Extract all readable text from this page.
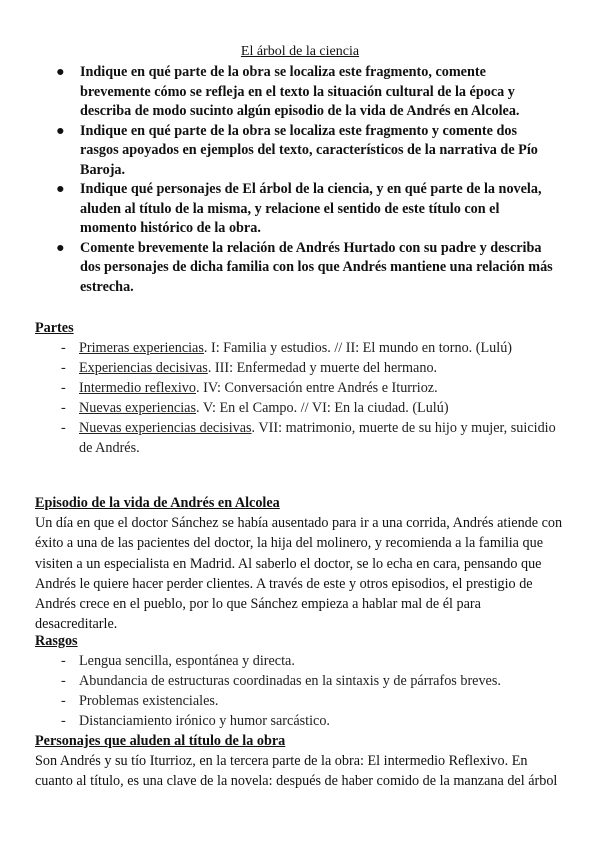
El árbol de la ciencia
● Indique en qué parte de la obra se localiza este fragmento, comente brevemente cómo se refleja en el texto la situación cultural de la época y describa de modo sucinto algún episodio de la vida de Andrés en Alcolea.
● Indique en qué parte de la obra se localiza este fragmento y comente dos rasgos apoyados en ejemplos del texto, característicos de la narrativa de Pío Baroja.
● Indique qué personajes de El árbol de la ciencia, y en qué parte de la novela, aluden al título de la misma, y relacione el sentido de este título con el momento histórico de la obra.
● Comente brevemente la relación de Andrés Hurtado con su padre y describa dos personajes de dicha familia con los que Andrés mantiene una relación más estrecha.
Partes
- Primeras experiencias. I: Familia y estudios. // II: El mundo en torno. (Lulú)
- Experiencias decisivas. III: Enfermedad y muerte del hermano.
- Intermedio reflexivo. IV: Conversación entre Andrés e Iturrioz.
- Nuevas experiencias. V: En el Campo. // VI: En la ciudad. (Lulú)
- Nuevas experiencias decisivas. VII: matrimonio, muerte de su hijo y mujer, suicidio de Andrés.
Episodio de la vida de Andrés en Alcolea
Un día en que el doctor Sánchez se había ausentado para ir a una corrida, Andrés atiende con éxito a una de las pacientes del doctor, la hija del molinero, y recomienda a la familia que visiten a un especialista en Madrid. Al saberlo el doctor, se lo echa en cara, pensando que Andrés le quiere hacer perder clientes. A través de este y otros episodios, el prestigio de Andrés crece en el pueblo, por lo que Sánchez empieza a hablar mal de él para desacreditarle.
Rasgos
- Lengua sencilla, espontánea y directa.
- Abundancia de estructuras coordinadas en la sintaxis y de párrafos breves.
- Problemas existenciales.
- Distanciamiento irónico y humor sarcástico.
Personajes que aluden al título de la obra
Son Andrés y su tío Iturrioz, en la tercera parte de la obra: El intermedio Reflexivo. En cuanto al título, es una clave de la novela: después de haber comido de la manzana del árbol
